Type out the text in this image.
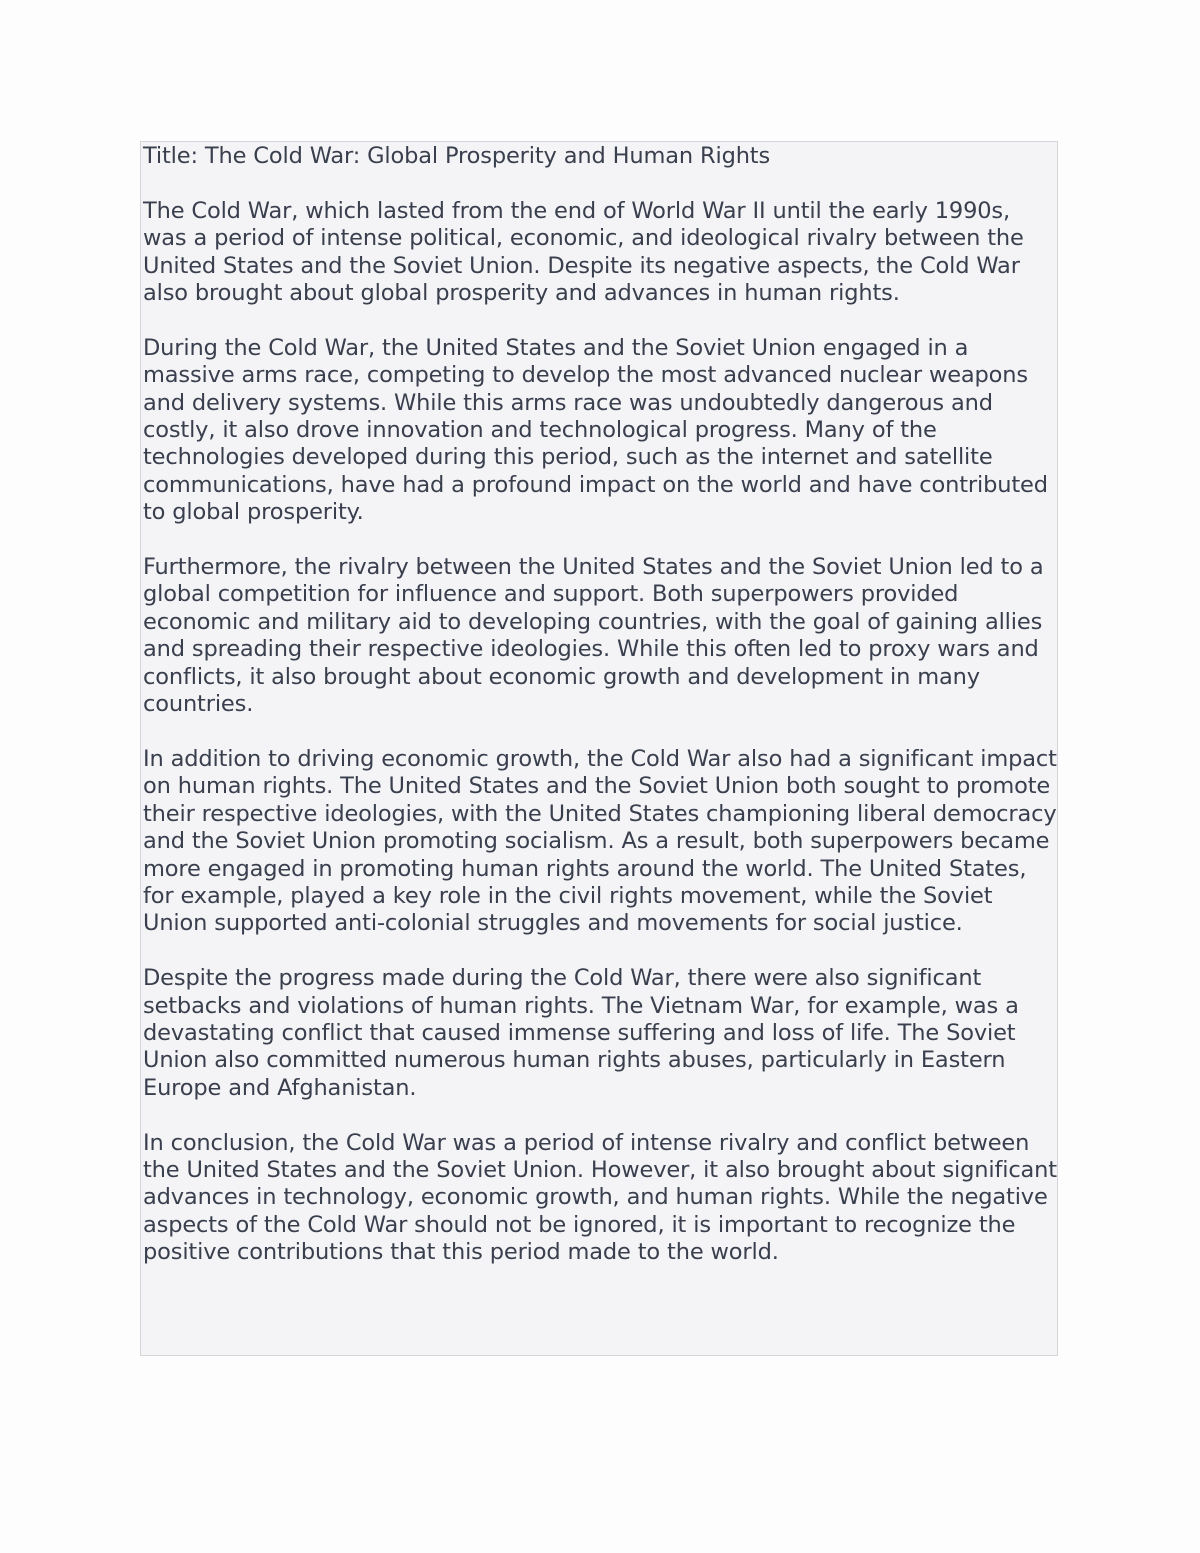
Title: The Cold War: Global Prosperity and Human Rights

The Cold War, which lasted from the end of World War II until the early 1990s, was a period of intense political, economic, and ideological rivalry between the United States and the Soviet Union. Despite its negative aspects, the Cold War also brought about global prosperity and advances in human rights.

During the Cold War, the United States and the Soviet Union engaged in a massive arms race, competing to develop the most advanced nuclear weapons and delivery systems. While this arms race was undoubtedly dangerous and costly, it also drove innovation and technological progress. Many of the technologies developed during this period, such as the internet and satellite communications, have had a profound impact on the world and have contributed to global prosperity.

Furthermore, the rivalry between the United States and the Soviet Union led to a global competition for influence and support. Both superpowers provided economic and military aid to developing countries, with the goal of gaining allies and spreading their respective ideologies. While this often led to proxy wars and conflicts, it also brought about economic growth and development in many countries.

In addition to driving economic growth, the Cold War also had a significant impact on human rights. The United States and the Soviet Union both sought to promote their respective ideologies, with the United States championing liberal democracy and the Soviet Union promoting socialism. As a result, both superpowers became more engaged in promoting human rights around the world. The United States, for example, played a key role in the civil rights movement, while the Soviet Union supported anti-colonial struggles and movements for social justice.

Despite the progress made during the Cold War, there were also significant setbacks and violations of human rights. The Vietnam War, for example, was a devastating conflict that caused immense suffering and loss of life. The Soviet Union also committed numerous human rights abuses, particularly in Eastern Europe and Afghanistan.

In conclusion, the Cold War was a period of intense rivalry and conflict between the United States and the Soviet Union. However, it also brought about significant advances in technology, economic growth, and human rights. While the negative aspects of the Cold War should not be ignored, it is important to recognize the positive contributions that this period made to the world.
